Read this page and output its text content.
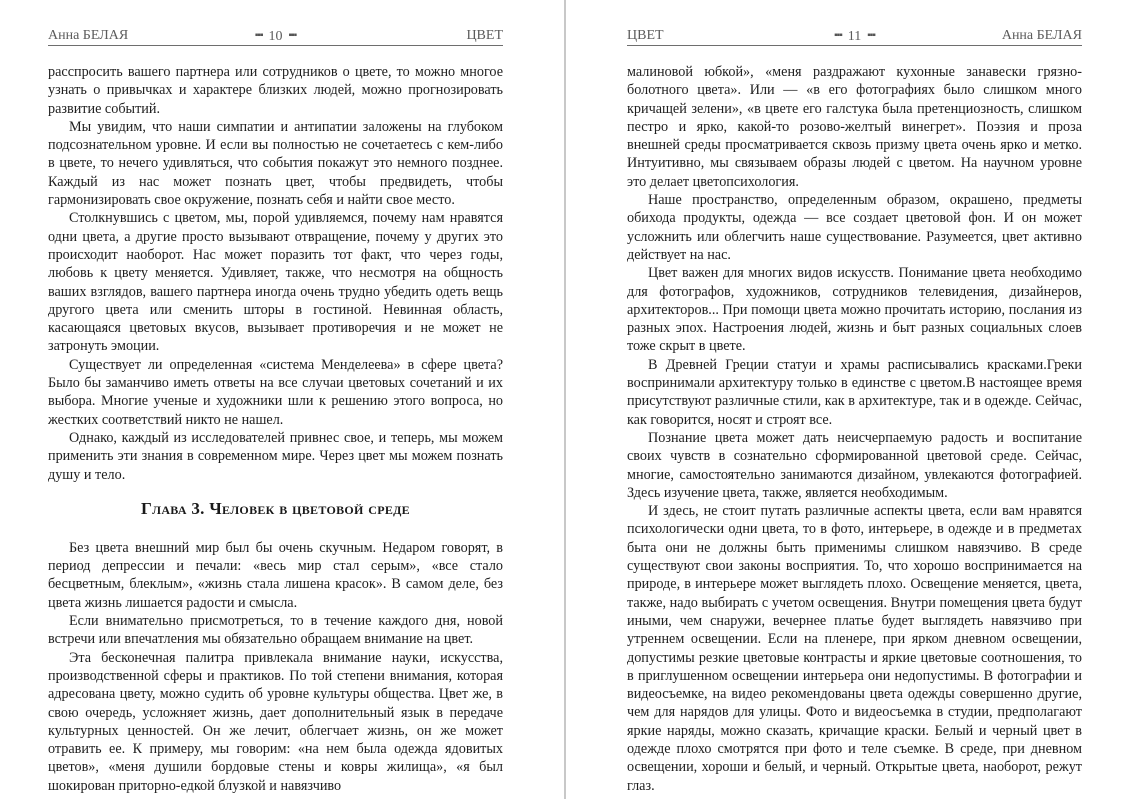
Анна БЕЛАЯ	▪▪▪ 10 ▪▪▪	ЦВЕТ

расспросить вашего партнера или сотрудников о цвете, то можно многое узнать о привычках и характере близких людей, можно прогнозировать развитие событий.

Мы увидим, что наши симпатии и антипатии заложены на глубоком подсознательном уровне. И если вы полностью не сочетаетесь с кем-либо в цвете, то нечего удивляться, что события покажут это немного позднее. Каждый из нас может познать цвет, чтобы предвидеть, чтобы гармонизировать свое окружение, познать себя и найти свое место.

Столкнувшись с цветом, мы, порой удивляемся, почему нам нравятся одни цвета, а другие просто вызывают отвращение, почему у других это происходит наоборот. Нас может поразить тот факт, что через годы, любовь к цвету меняется. Удивляет, также, что несмотря на общность ваших взглядов, вашего партнера иногда очень трудно убедить одеть вещь другого цвета или сменить шторы в гостиной. Невинная область, касающаяся цветовых вкусов, вызывает противоречия и не может не затронуть эмоции.

Существует ли определенная «система Менделеева» в сфере цвета? Было бы заманчиво иметь ответы на все случаи цветовых сочетаний и их выбора. Многие ученые и художники шли к решению этого вопроса, но жестких соответствий никто не нашел.

Однако, каждый из исследователей привнес свое, и теперь, мы можем применить эти знания в современном мире. Через цвет мы можем познать душу и тело.

Глава 3. Человек в цветовой среде

Без цвета внешний мир был бы очень скучным. Недаром говорят, в период депрессии и печали: «весь мир стал серым», «все стало бесцветным, блеклым», «жизнь стала лишена красок». В самом деле, без цвета жизнь лишается радости и смысла.

Если внимательно присмотреться, то в течение каждого дня, новой встречи или впечатления мы обязательно обращаем внимание на цвет.

Эта бесконечная палитра привлекала внимание науки, искусства, производственной сферы и практиков. По той степени внимания, которая адресована цвету, можно судить об уровне культуры общества. Цвет же, в свою очередь, усложняет жизнь, дает дополнительный язык в передаче культурных ценностей. Он же лечит, облегчает жизнь, он же может отравить ее. К примеру, мы говорим: «на нем была одежда ядовитых цветов», «меня душили бордовые стены и ковры жилища», «я был шокирован приторно-едкой блузкой и навязчиво

ЦВЕТ	▪▪▪ 11 ▪▪▪	Анна БЕЛАЯ

малиновой юбкой», «меня раздражают кухонные занавески грязно-болотного цвета». Или — «в его фотографиях было слишком много кричащей зелени», «в цвете его галстука была претенциозность, слишком пестро и ярко, какой-то розово-желтый винегрет». Поэзия и проза внешней среды просматривается сквозь призму цвета очень ярко и метко. Интуитивно, мы связываем образы людей с цветом. На научном уровне это делает цветопсихология.

Наше пространство, определенным образом, окрашено, предметы обихода продукты, одежда — все создает цветовой фон. И он может усложнить или облегчить наше существование. Разумеется, цвет активно действует на нас.

Цвет важен для многих видов искусств. Понимание цвета необходимо для фотографов, художников, сотрудников телевидения, дизайнеров, архитекторов... При помощи цвета можно прочитать историю, послания из разных эпох. Настроения людей, жизнь и быт разных социальных слоев тоже скрыт в цвете.

В Древней Греции статуи и храмы расписывались красками.Греки воспринимали архитектуру только в единстве с цветом.В настоящее время присутствуют различные стили, как в архитектуре, так и в одежде. Сейчас, как говорится, носят и строят все.

Познание цвета может дать неисчерпаемую радость и воспитание своих чувств в сознательно сформированной цветовой среде. Сейчас, многие, самостоятельно занимаются дизайном, увлекаются фотографией. Здесь изучение цвета, также, является необходимым.

И здесь, не стоит путать различные аспекты цвета, если вам нравятся психологически одни цвета, то в фото, интерьере, в одежде и в предметах быта они не должны быть применимы слишком навязчиво. В среде существуют свои законы восприятия. То, что хорошо воспринимается на природе, в интерьере может выглядеть плохо. Освещение меняется, цвета, также, надо выбирать с учетом освещения. Внутри помещения цвета будут иными, чем снаружи, вечернее платье будет выглядеть навязчиво при утреннем освещении. Если на пленере, при ярком дневном освещении, допустимы резкие цветовые контрасты и яркие цветовые соотношения, то в приглушенном освещении интерьера они недопустимы. В фотографии и видеосъемке, на видео рекомендованы цвета одежды совершенно другие, чем для нарядов для улицы. Фото и видеосъемка в студии, предполагают яркие наряды, можно сказать, кричащие краски. Белый и черный цвет в одежде плохо смотрятся при фото и теле съемке. В среде, при дневном освещении, хороши и белый, и черный. Открытые цвета, наоборот, режут глаз.
